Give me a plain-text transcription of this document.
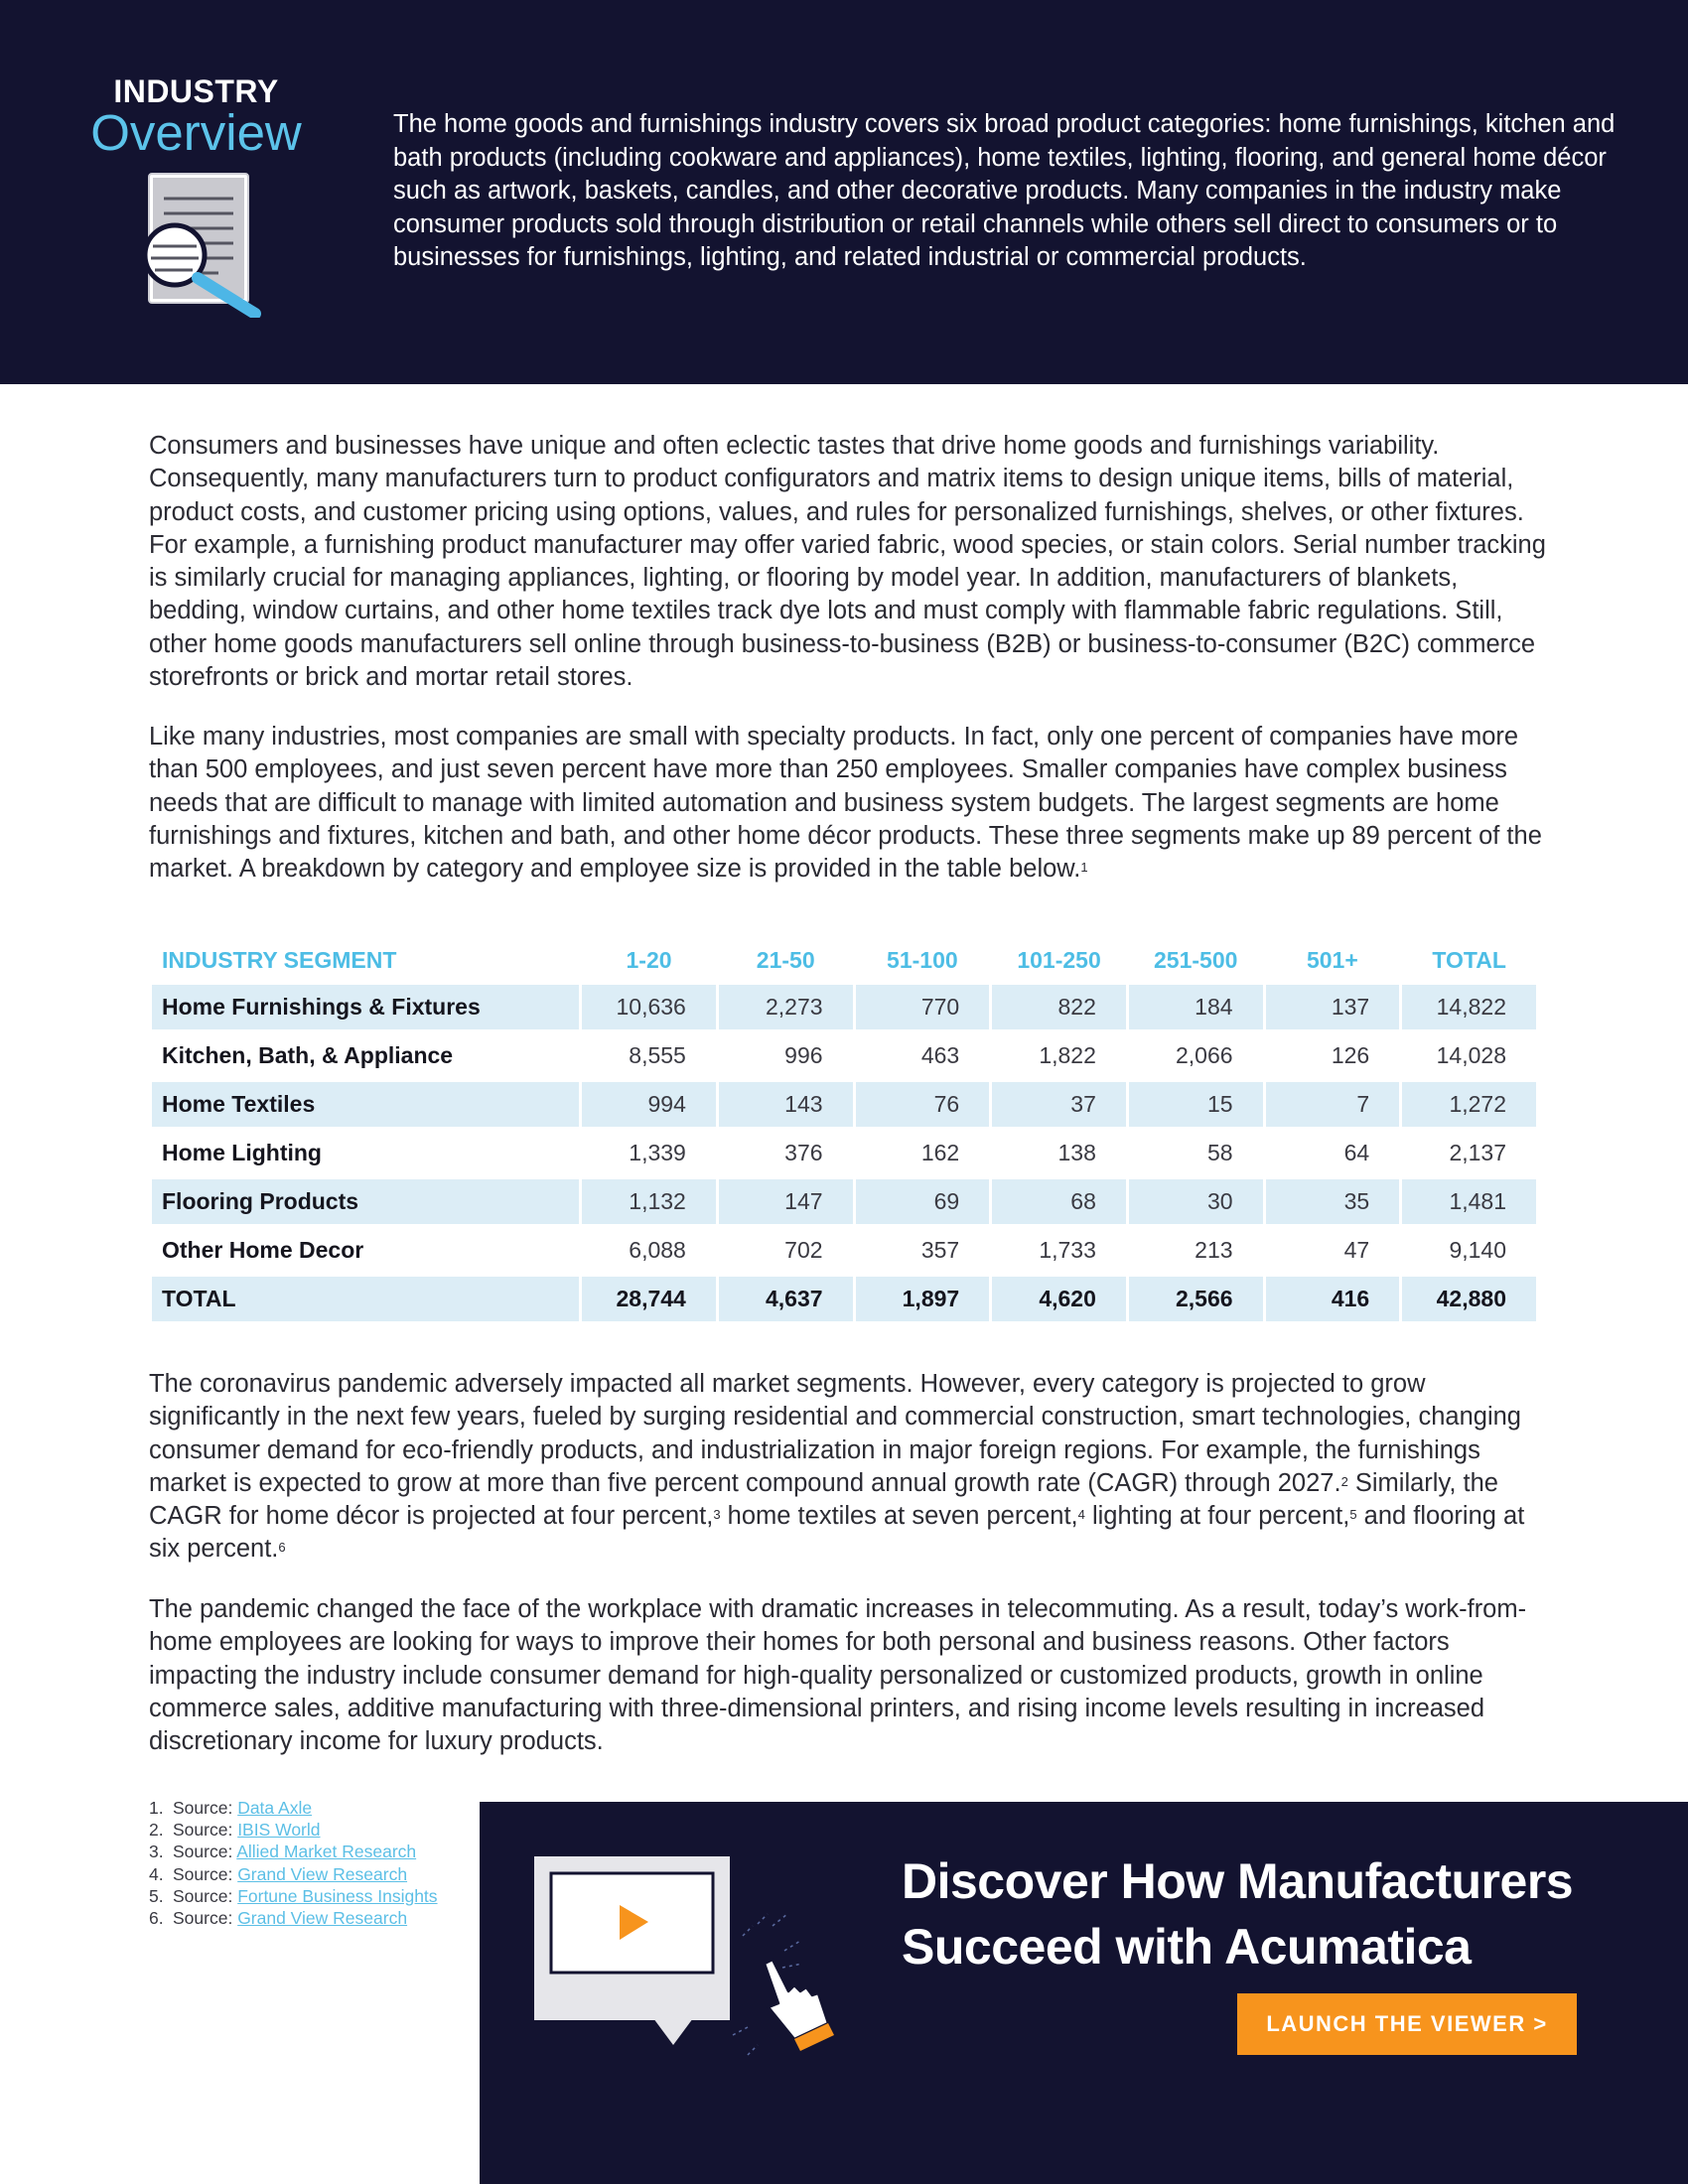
INDUSTRY
Overview	The home goods and furnishings industry covers six broad product categories: home furnishings, kitchen and bath products (including cookware and appliances), home textiles, lighting, flooring, and general home décor such as artwork, baskets, candles, and other decorative products. Many companies in the industry make consumer products sold through distribution or retail channels while others sell direct to consumers or to businesses for furnishings, lighting, and related industrial or commercial products.

Consumers and businesses have unique and often eclectic tastes that drive home goods and furnishings variability. Consequently, many manufacturers turn to product configurators and matrix items to design unique items, bills of material, product costs, and customer pricing using options, values, and rules for personalized furnishings, shelves, or other fixtures. For example, a furnishing product manufacturer may offer varied fabric, wood species, or stain colors. Serial number tracking is similarly crucial for managing appliances, lighting, or flooring by model year. In addition, manufacturers of blankets, bedding, window curtains, and other home textiles track dye lots and must comply with flammable fabric regulations. Still, other home goods manufacturers sell online through business-to-business (B2B) or business-to-consumer (B2C) commerce storefronts or brick and mortar retail stores.

Like many industries, most companies are small with specialty products. In fact, only one percent of companies have more than 500 employees, and just seven percent have more than 250 employees. Smaller companies have complex business needs that are difficult to manage with limited automation and business system budgets. The largest segments are home furnishings and fixtures, kitchen and bath, and other home décor products. These three segments make up 89 percent of the market. A breakdown by category and employee size is provided in the table below.$^1$

INDUSTRY SEGMENT	1-20	21-50	51-100	101-250	251-500	501+	TOTAL
Home Furnishings & Fixtures	10,636	2,273	770	822	184	137	14,822
Kitchen, Bath, & Appliance	8,555	996	463	1,822	2,066	126	14,028
Home Textiles	994	143	76	37	15	7	1,272
Home Lighting	1,339	376	162	138	58	64	2,137
Flooring Products	1,132	147	69	68	30	35	1,481
Other Home Decor	6,088	702	357	1,733	213	47	9,140
TOTAL	28,744	4,637	1,897	4,620	2,566	416	42,880

The coronavirus pandemic adversely impacted all market segments. However, every category is projected to grow significantly in the next few years, fueled by surging residential and commercial construction, smart technologies, changing consumer demand for eco-friendly products, and industrialization in major foreign regions. For example, the furnishings market is expected to grow at more than five percent compound annual growth rate (CAGR) through 2027.$^2$ Similarly, the CAGR for home décor is projected at four percent,$^3$ home textiles at seven percent,$^4$ lighting at four percent,$^5$ and flooring at six percent.$^6$

The pandemic changed the face of the workplace with dramatic increases in telecommuting. As a result, today’s work-from-home employees are looking for ways to improve their homes for both personal and business reasons. Other factors impacting the industry include consumer demand for high-quality personalized or customized products, growth in online commerce sales, additive manufacturing with three-dimensional printers, and rising income levels resulting in increased discretionary income for luxury products.

1. Source: Data Axle
2. Source: IBIS World
3. Source: Allied Market Research
4. Source: Grand View Research
5. Source: Fortune Business Insights
6. Source: Grand View Research
Discover How Manufacturers
Succeed with Acumatica
LAUNCH THE VIEWER >
